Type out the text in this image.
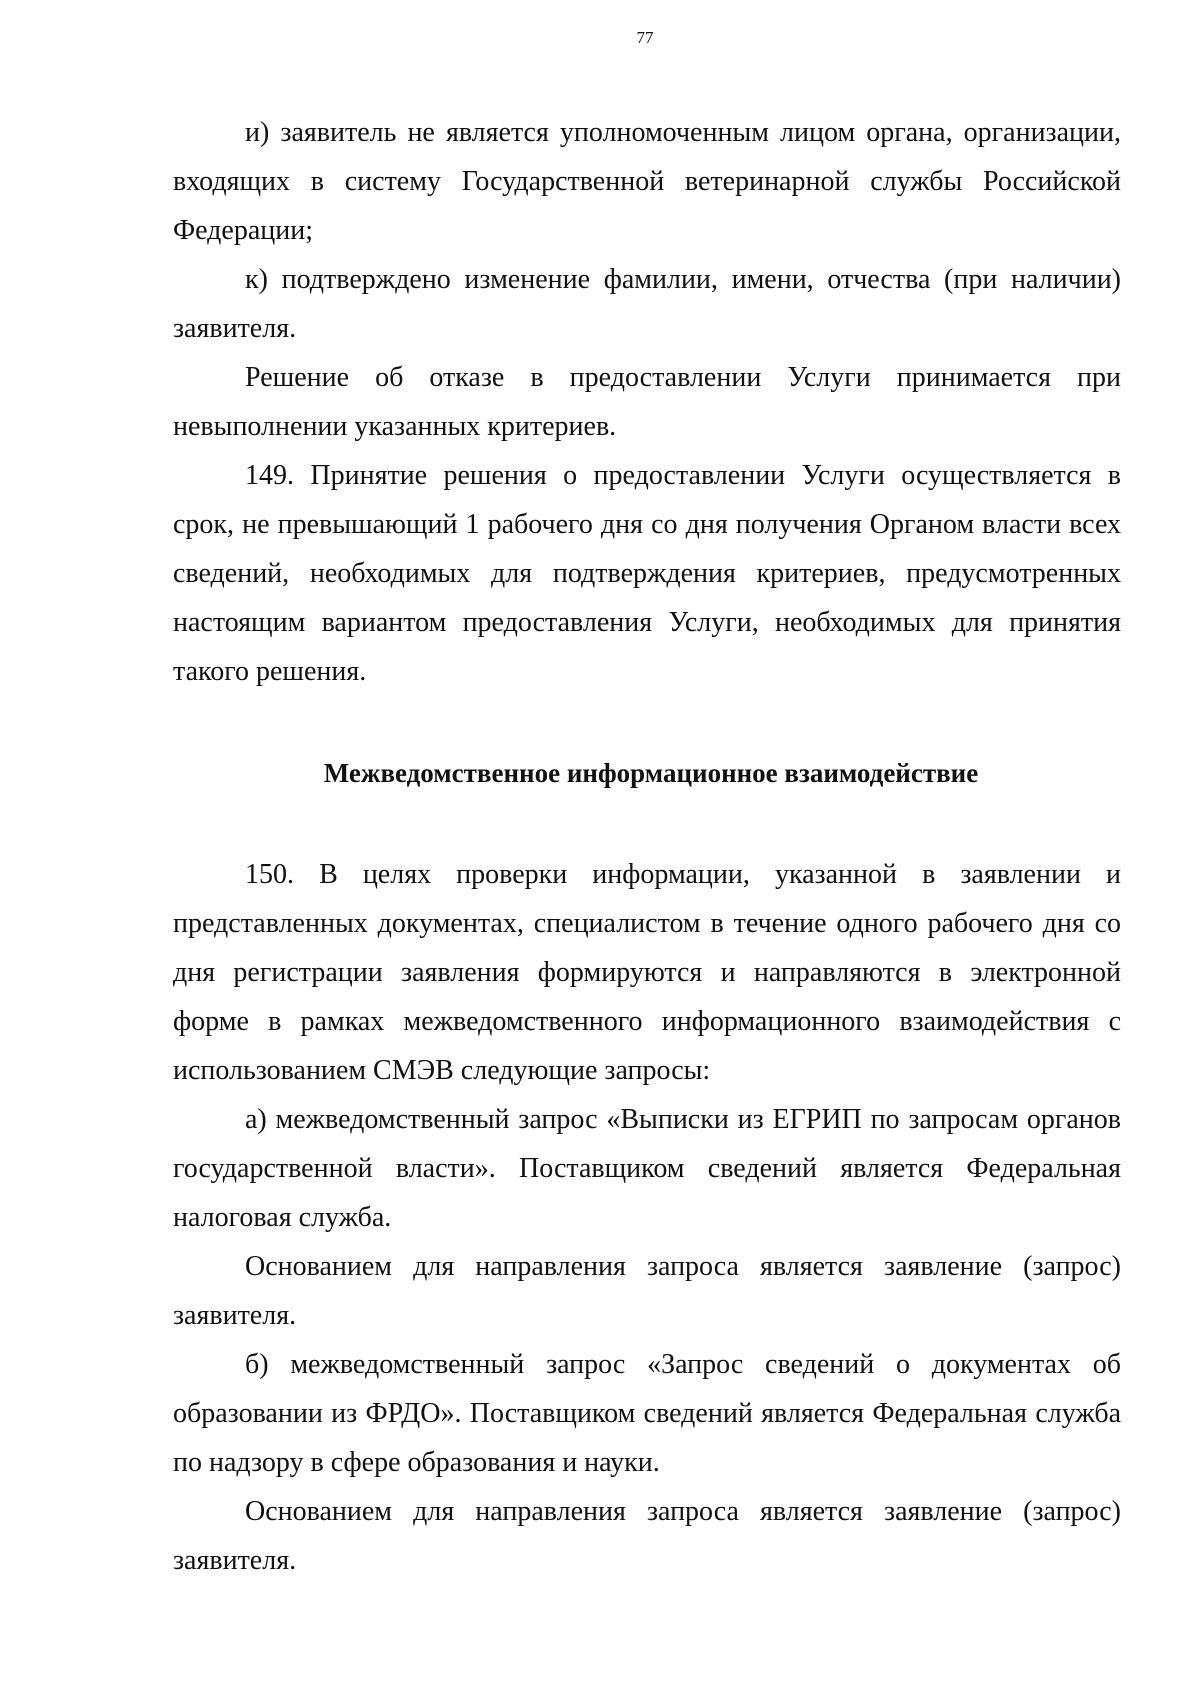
77

и) заявитель не является уполномоченным лицом органа, организации, входящих в систему Государственной ветеринарной службы Российской Федерации;

к) подтверждено изменение фамилии, имени, отчества (при наличии) заявителя.

Решение об отказе в предоставлении Услуги принимается при невыполнении указанных критериев.

149. Принятие решения о предоставлении Услуги осуществляется в срок, не превышающий 1 рабочего дня со дня получения Органом власти всех сведений, необходимых для подтверждения критериев, предусмотренных настоящим вариантом предоставления Услуги, необходимых для принятия такого решения.

Межведомственное информационное взаимодействие

150. В целях проверки информации, указанной в заявлении и представленных документах, специалистом в течение одного рабочего дня со дня регистрации заявления формируются и направляются в электронной форме в рамках межведомственного информационного взаимодействия с использованием СМЭВ следующие запросы:

а) межведомственный запрос «Выписки из ЕГРИП по запросам органов государственной власти». Поставщиком сведений является Федеральная налоговая служба.

Основанием для направления запроса является заявление (запрос) заявителя.

б) межведомственный запрос «Запрос сведений о документах об образовании из ФРДО». Поставщиком сведений является Федеральная служба по надзору в сфере образования и науки.

Основанием для направления запроса является заявление (запрос) заявителя.
